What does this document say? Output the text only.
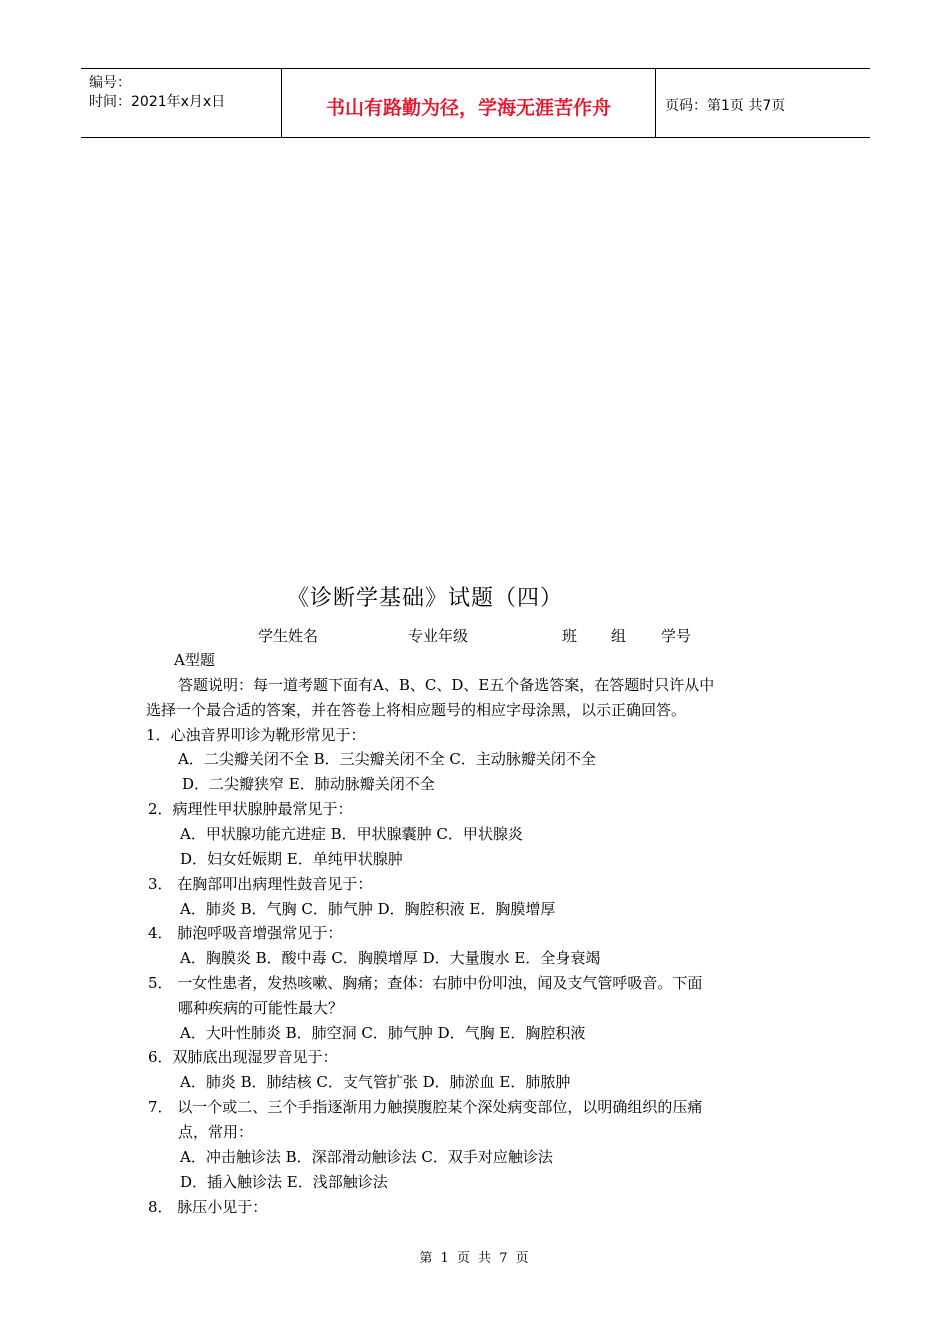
编号：
时间：2021年x月x日	书山有路勤为径，学海无涯苦作舟	页码：第1页 共7页
《诊断学基础》试题（四）
学生姓名	专业年级	班 组 学号
A型题
答题说明：每一道考题下面有A、B、C、D、E五个备选答案，在答题时只许从中
选择一个最合适的答案，并在答卷上将相应题号的相应字母涂黑，以示正确回答。
1．心浊音界叩诊为靴形常见于：
A．二尖瓣关闭不全 B．三尖瓣关闭不全 C．主动脉瓣关闭不全
D．二尖瓣狭窄 E．肺动脉瓣关闭不全
2．病理性甲状腺肿最常见于：
A．甲状腺功能亢进症 B．甲状腺囊肿 C．甲状腺炎
D．妇女妊娠期 E．单纯甲状腺肿
3． 在胸部叩出病理性鼓音见于：
A．肺炎 B．气胸 C．肺气肿 D．胸腔积液 E．胸膜增厚
4． 肺泡呼吸音增强常见于：
A．胸膜炎 B．酸中毒 C．胸膜增厚 D．大量腹水 E．全身衰竭
5． 一女性患者，发热咳嗽、胸痛；查体：右肺中份叩浊，闻及支气管呼吸音。下面
哪种疾病的可能性最大？
A．大叶性肺炎 B．肺空洞 C．肺气肿 D．气胸 E．胸腔积液
6．双肺底出现湿罗音见于：
A．肺炎 B．肺结核 C．支气管扩张 D．肺淤血 E．肺脓肿
7． 以一个或二、三个手指逐渐用力触摸腹腔某个深处病变部位，以明确组织的压痛
点，常用：
A．冲击触诊法 B．深部滑动触诊法 C．双手对应触诊法
D．插入触诊法 E．浅部触诊法
8． 脉压小见于：
第 1 页 共 7 页
